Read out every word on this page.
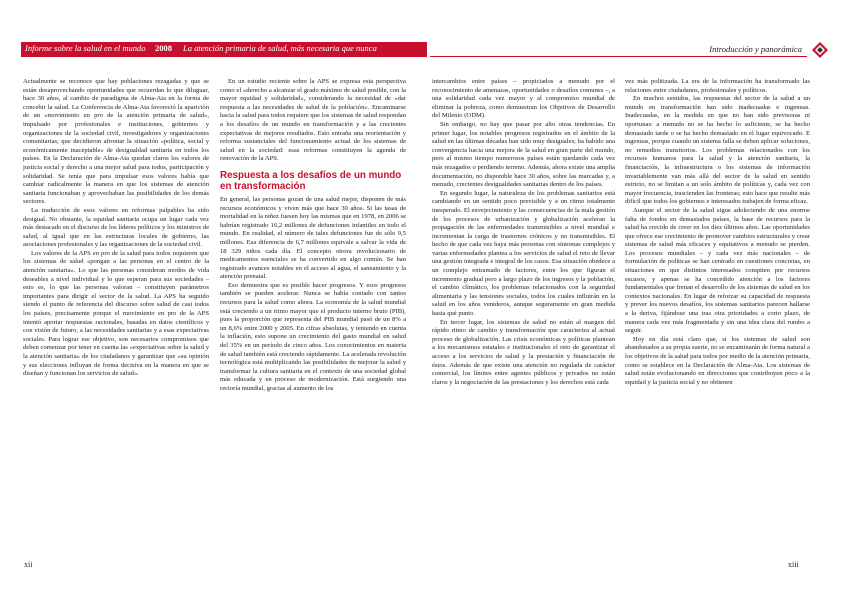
Informe sobre la salud en el mundo 2008 La atención primaria de salud, más necesaria que nunca	Introducción y panorámica

Actualmente se reconoce que hay poblaciones rezagadas y que se están desaprovechando oportunidades que recuerdan lo que diluguar, hace 30 años, al cambio de paradigma de Alma-Ata en la forma de concebir la salud. La Conferencia de Alma-Ata favoreció la aparición de un «movimiento en pro de la atención primaria de salud», impulsado por profesionales e instituciones, gobiernos y organizaciones de la sociedad civil, investigadores y organizaciones comunitarias, que decidieron afrontar la situación «política, social y económicamente inaceptable» de desigualdad sanitaria en todos los países. En la Declaración de Alma-Ata quedan claros los valores de justicia social y derecho a una mejor salud para todos, participación y solidaridad. Se tenía que para impulsar esos valores había que cambiar radicalmente la manera en que los sistemas de atención sanitaria funcionaban y aprovechaban las posibilidades de los demás sectores.

La traducción de esos valores en reformas palpables ha sido desigual. No obstante, la equidad sanitaria ocupa un lugar cada vez más destacado en el discurso de los líderes políticos y los ministros de salud, al igual que en las estructuras locales de gobierno, las asociaciones profesionales y las organizaciones de la sociedad civil.

Los valores de la APS en pro de la salud para todos requieren que los sistemas de salud «pongan a las personas en el centro de la atención sanitaria». Lo que las personas consideran modos de vida deseables a nivel individual y lo que esperan para sus sociedades – esto es, lo que las personas valoran – constituyen parámetros importantes para dirigir el sector de la salud. La APS ha seguido siendo el punto de referencia del discurso sobre salud de casi todos los países, precisamente porque el movimiento en pro de la APS intentó aportar respuestas racionales, basadas en datos científicos y con visión de futuro, a las necesidades sanitarias y a esas expectativas sociales. Para lograr ese objetivo, son necesarios compromisos que deben comenzar por tener en cuenta las «expectativas sobre la salud y la atención sanitaria» de los ciudadanos y garantizar que «su opinión y sus elecciones influyan de forma decisiva en la manera en que se diseñan y funcionan los servicios de salud».

En un estudio reciente sobre la APS se expresa esta perspectiva como el «derecho a alcanzar el grado máximo de salud posible, con la mayor equidad y solidaridad», considerando la necesidad de «dar respuesta a las necesidades de salud de la población». Encaminarse hacia la salud para todos requiere que los sistemas de salud respondan a los desafíos de un mundo en transformación y a las crecientes expectativas de mejores resultados. Esto entraña una reorientación y reforma sustanciales del funcionamiento actual de los sistemas de salud en la sociedad: esas reformas constituyen la agenda de renovación de la APS.

Respuesta a los desafíos de un mundo en transformación

En general, las personas gozan de una salud mejor, disponen de más recursos económicos y viven más que hace 30 años. Si las tasas de mortalidad en la niñez fuesen hoy las mismas que en 1978, en 2006 se habrían registrado 16,2 millones de defunciones infantiles en todo el mundo. En realidad, el número de tales defunciones fue de sólo 9,5 millones. Esa diferencia de 6,7 millones equivale a salvar la vida de 18 329 niños cada día. El concepto otrora revolucionario de medicamentos esenciales se ha convertido en algo común. Se han registrado avances notables en el acceso al agua, el saneamiento y la atención prenatal.

Eso demuestra que es posible hacer progresos. Y esos progresos también se pueden acelerar. Nunca se había contado con tantos recursos para la salud como ahora. La economía de la salud mundial está creciendo a un ritmo mayor que el producto interno bruto (PIB), pues la proporción que representa del PIB mundial pasó de un 8% a un 8,6% entre 2000 y 2005. En cifras absolutas, y teniendo en cuenta la inflación, esto supone un crecimiento del gasto mundial en salud del 35% en un período de cinco años. Los conocimientos en materia de salud también está creciendo rápidamente. La acelerada revolución tecnológica está multiplicando las posibilidades de mejorar la salud y transformar la cultura sanitaria en el contexto de una sociedad global más educada y en proceso de modernización. Está surgiendo una rectoría mundial, gracias al aumento de los

intercambios entre países – propiciados a menudo por el reconocimiento de amenazas, oportunidades o desafíos comunes –, a una solidaridad cada vez mayor y al compromiso mundial de eliminar la pobreza, como demuestran los Objetivos de Desarrollo del Milenio (ODM).

Sin embargo, no hay que pasar por alto otras tendencias. En primer lugar, los notables progresos registrados en el ámbito de la salud en las últimas décadas han sido muy desiguales; ha habido una convergencia hacia una mejora de la salud en gran parte del mundo, pero al mismo tiempo numerosos países están quedando cada vez más rezagados o perdiendo terreno. Además, ahora existe una amplia documentación, no disponible hace 30 años, sobre las marcadas y, a menudo, crecientes desigualdades sanitarias dentro de los países.

En segundo lugar, la naturaleza de los problemas sanitarios está cambiando en un sentido poco previsible y a un ritmo totalmente inesperado. El envejecimiento y las consecuencias de la mala gestión de los procesos de urbanización y globalización aceleran la propagación de las enfermedades transmisibles a nivel mundial e incrementan la carga de trastornos crónicos y no transmisibles. El hecho de que cada vez haya más personas con síntomas complejos y varias enfermedades plantea a los servicios de salud el reto de llevar una gestión integrada e integral de los casos. Esa situación obedece a un complejo entramado de factores, entre los que figuran el incremento gradual pero a largo plazo de los ingresos y la población, el cambio climático, los problemas relacionados con la seguridad alimentaria y las tensiones sociales, todos los cuales influirán en la salud en los años venideros, aunque seguramente en gran medida hasta qué punto.

En tercer lugar, los sistemas de salud no están al margen del rápido ritmo de cambio y transformación que caracteriza al actual proceso de globalización. Las crisis económicas y políticas plantean a los mecanismos estatales e institucionales el reto de garantizar el acceso a los servicios de salud y la prestación y financiación de éstos. Además de que existe una atención no regulada de carácter comercial, los límites entre agentes públicos y privados no están claros y la negociación de las prestaciones y los derechos está cada

vez más politizada. La era de la información ha transformado las relaciones entre ciudadanos, profesionales y políticos.

En muchos sentidos, las respuestas del sector de la salud a un mundo en transformación han sido inadecuadas e ingenuas. Inadecuadas, en la medida en que no han sido previsoras ni oportunas: a menudo no se ha hecho lo suficiente, se ha hecho demasiado tarde o se ha hecho demasiado en el lugar equivocado. E ingenuas, porque cuando un sistema falla se deben aplicar soluciones, no remedios transitorios. Los problemas relacionados con los recursos humanos para la salud y la atención sanitaria, la financiación, la infraestructura o los sistemas de información invariablemente van más allá del sector de la salud en sentido estricto, no se limitan a un solo ámbito de políticas y, cada vez con mayor frecuencia, trascienden las fronteras; esto hace que resulte más difícil que todos los gobiernos e interesados trabajen de forma eficaz.

Aunque el sector de la salud sigue adoleciendo de una enorme falta de fondos en demasiados países, la base de recursos para la salud ha crecido de creer en los diez últimos años. Las oportunidades que ofrece ese crecimiento de promover cambios estructurales y crear sistemas de salud más eficaces y equitativos a menudo se pierden. Los procesos mundiales – y cada vez más nacionales – de formulación de políticas se han centrado en cuestiones concretas, en situaciones en que distintos interesados compiten por recursos escasos, y apenas se ha concedido atención a los factores fundamentales que frenan el desarrollo de los sistemas de salud en los contextos nacionales. En lugar de reforzar su capacidad de respuesta y prever los nuevos desafíos, los sistemas sanitarios parecen hallarse a la deriva, fijándose una tras otra prioridades a corto plazo, de manera cada vez más fragmentada y sin una idea clara del rumbo a seguir.

Hoy en día está claro que, si los sistemas de salud son abandonados a su propia suerte, no se encaminarán de forma natural a los objetivos de la salud para todos por medio de la atención primaria, como se establece en la Declaración de Alma-Ata. Los sistemas de salud están evolucionando en direcciones que contribuyen poco a la equidad y la justicia social y no obtienen

xii	xiii
